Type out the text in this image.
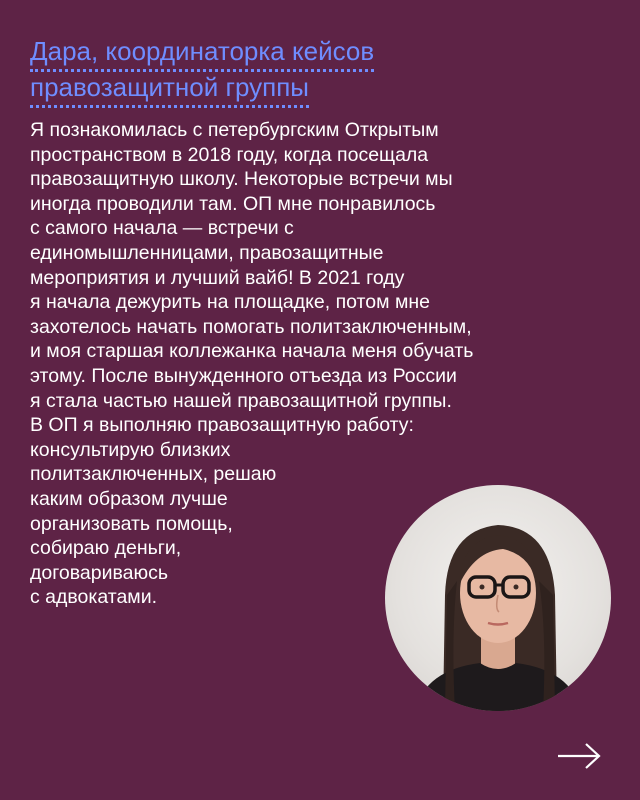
Дара, координаторка кейсов
правозащитной группы

Я познакомилась с петербургским Открытым
пространством в 2018 году, когда посещала
правозащитную школу. Некоторые встречи мы
иногда проводили там. ОП мне понравилось
с самого начала — встречи с
единомышленницами, правозащитные
мероприятия и лучший вайб! В 2021 году
я начала дежурить на площадке, потом мне
захотелось начать помогать политзаключенным,
и моя старшая коллежанка начала меня обучать
этому. После вынужденного отъезда из России
я стала частью нашей правозащитной группы.
В ОП я выполняю правозащитную работу:
консультирую близких
политзаключенных, решаю
каким образом лучше
организовать помощь,
собираю деньги,
договариваюсь
с адвокатами.
